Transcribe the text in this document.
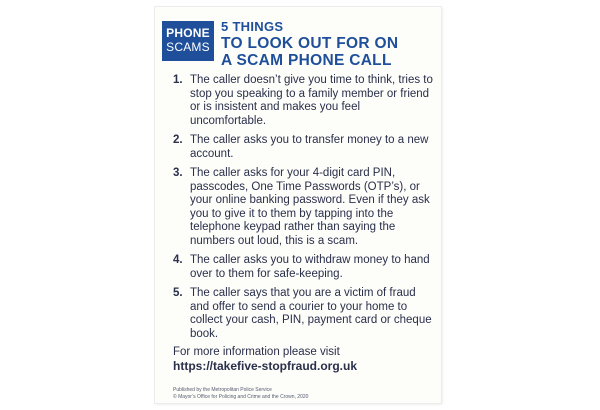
PHONE
SCAMS
5 THINGS
TO LOOK OUT FOR ON
A SCAM PHONE CALL
1. The caller doesn’t give you time to think, tries to stop you speaking to a family member or friend or is insistent and makes you feel uncomfortable.
2. The caller asks you to transfer money to a new account.
3. The caller asks for your 4-digit card PIN, passcodes, One Time Passwords (OTP’s), or your online banking password. Even if they ask you to give it to them by tapping into the telephone keypad rather than saying the numbers out loud, this is a scam.
4. The caller asks you to withdraw money to hand over to them for safe-keeping.
5. The caller says that you are a victim of fraud and offer to send a courier to your home to collect your cash, PIN, payment card or cheque book.
For more information please visit
https://takefive-stopfraud.org.uk
Published by the Metropolitan Police Service
© Mayor’s Office for Policing and Crime and the Crown, 2020
